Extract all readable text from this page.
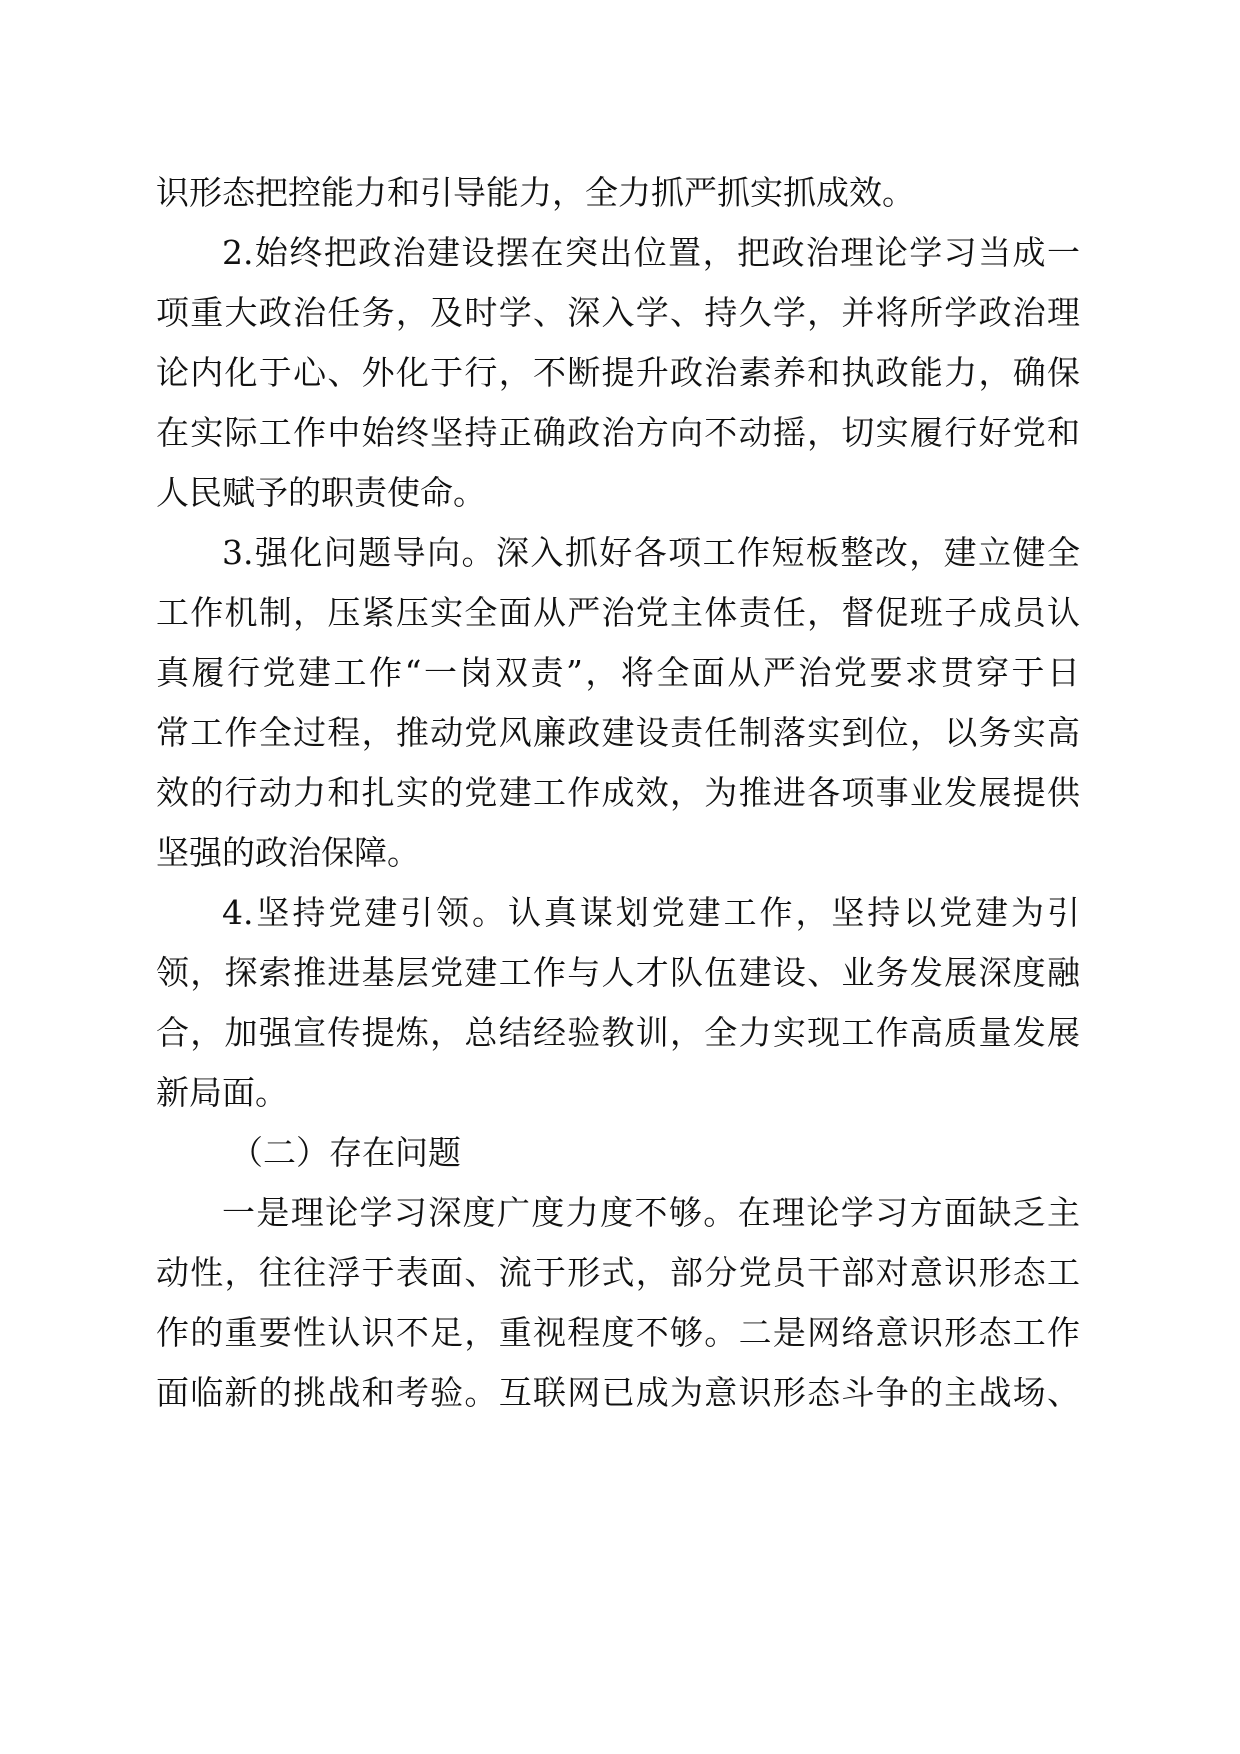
识形态把控能力和引导能力，全力抓严抓实抓成效。
2.始终把政治建设摆在突出位置，把政治理论学习当成一
项重大政治任务，及时学、深入学、持久学，并将所学政治理
论内化于心、外化于行，不断提升政治素养和执政能力，确保
在实际工作中始终坚持正确政治方向不动摇，切实履行好党和
人民赋予的职责使命。
3.强化问题导向。深入抓好各项工作短板整改，建立健全
工作机制，压紧压实全面从严治党主体责任，督促班子成员认
真履行党建工作“一岗双责”，将全面从严治党要求贯穿于日
常工作全过程，推动党风廉政建设责任制落实到位，以务实高
效的行动力和扎实的党建工作成效，为推进各项事业发展提供
坚强的政治保障。
4.坚持党建引领。认真谋划党建工作，坚持以党建为引
领，探索推进基层党建工作与人才队伍建设、业务发展深度融
合，加强宣传提炼，总结经验教训，全力实现工作高质量发展
新局面。
（二）存在问题
一是理论学习深度广度力度不够。在理论学习方面缺乏主
动性，往往浮于表面、流于形式，部分党员干部对意识形态工
作的重要性认识不足，重视程度不够。二是网络意识形态工作
面临新的挑战和考验。互联网已成为意识形态斗争的主战场、
